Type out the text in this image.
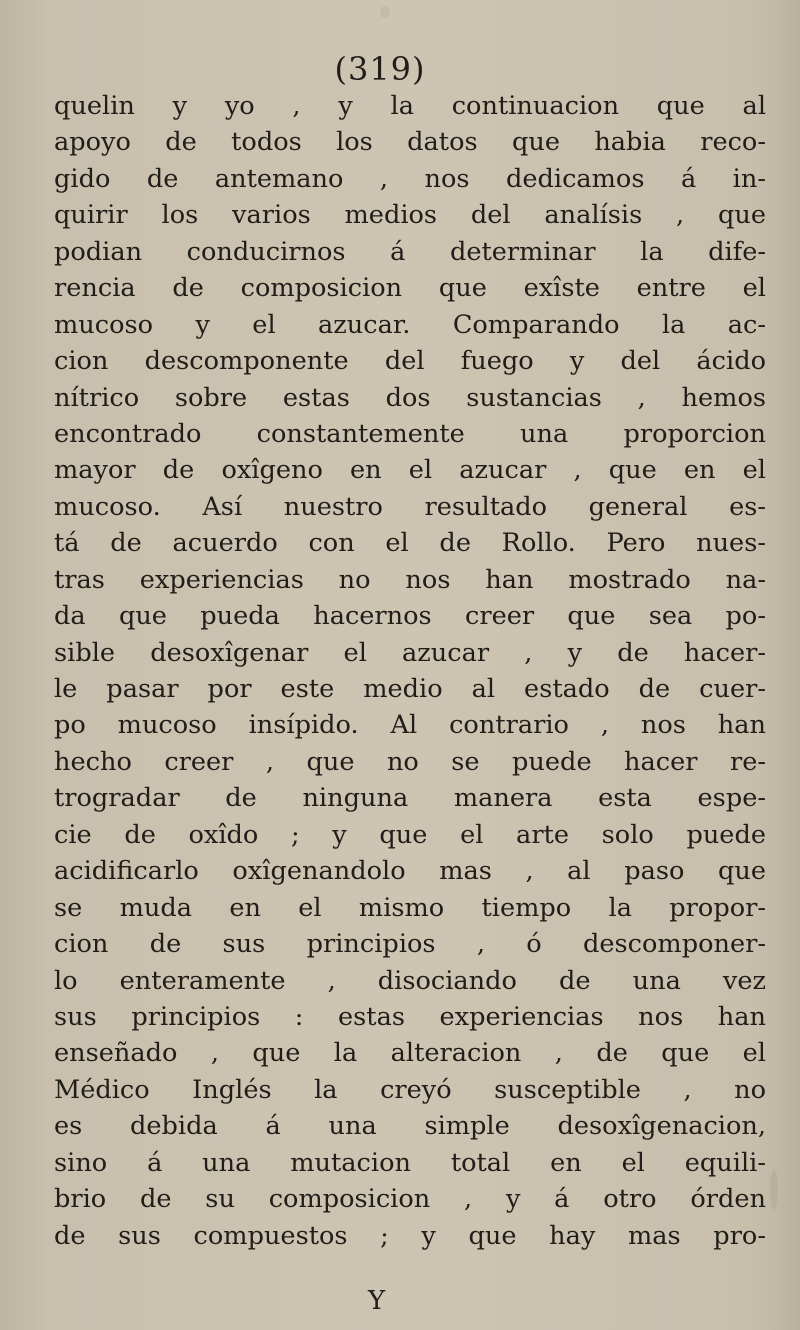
(319)
quelin y yo , y la continuacion que al
apoyo de todos los datos que habia reco-
gido de antemano , nos dedicamos á in-
quirir los varios medios del analísis , que
podian conducirnos á determinar la dife-
rencia de composicion que exîste entre el
mucoso y el azucar. Comparando la ac-
cion descomponente del fuego y del ácido
nítrico sobre estas dos sustancias , hemos
encontrado constantemente una proporcion
mayor de oxîgeno en el azucar , que en el
mucoso. Así nuestro resultado general es-
tá de acuerdo con el de Rollo. Pero nues-
tras experiencias no nos han mostrado na-
da que pueda hacernos creer que sea po-
sible desoxîgenar el azucar , y de hacer-
le pasar por este medio al estado de cuer-
po mucoso insípido. Al contrario , nos han
hecho creer , que no se puede hacer re-
trogradar de ninguna manera esta espe-
cie de oxîdo ; y que el arte solo puede
acidificarlo oxîgenandolo mas , al paso que
se muda en el mismo tiempo la propor-
cion de sus principios , ó descomponer-
lo enteramente , disociando de una vez
sus principios : estas experiencias nos han
enseñado , que la alteracion , de que el
Médico Inglés la creyó susceptible , no
es debida á una simple desoxîgenacion,
sino á una mutacion total en el equili-
brio de su composicion , y á otro órden
de sus compuestos ; y que hay mas pro-
Y
